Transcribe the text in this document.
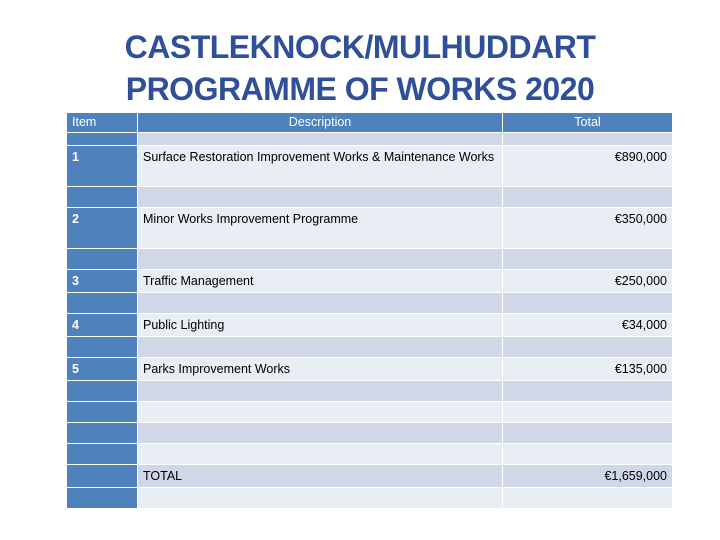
CASTLEKNOCK/MULHUDDART
PROGRAMME OF WORKS 2020
Item	Description	Total

1	Surface Restoration Improvement Works & Maintenance Works	€890,000

2	Minor Works Improvement Programme	€350,000

3	Traffic Management	€250,000

4	Public Lighting	€34,000

5	Parks Improvement Works	€135,000

	TOTAL	€1,659,000
